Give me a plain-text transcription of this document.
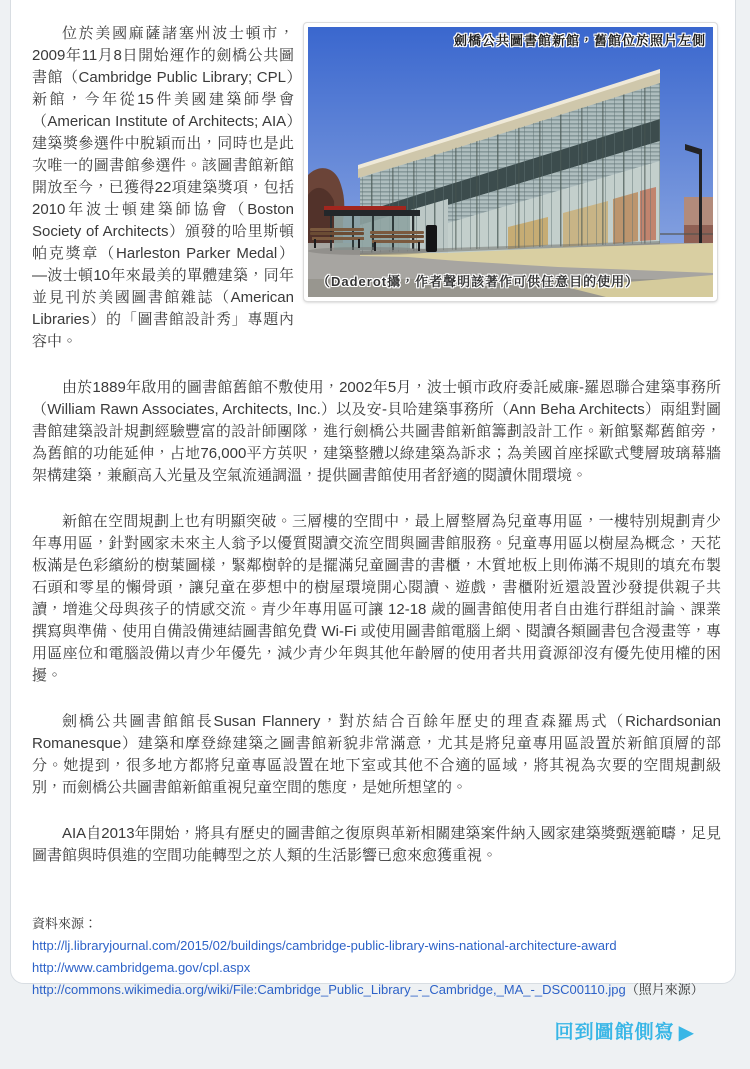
劍橋公共圖書館新館，舊館位於照片左側
（Daderot攝，作者聲明該著作可供任意目的使用）

位於美國麻薩諸塞州波士頓市，2009年11月8日開始運作的劍橋公共圖書館（Cambridge Public Library; CPL）新館，今年從15件美國建築師學會（American Institute of Architects; AIA）建築獎參選件中脫穎而出，同時也是此次唯一的圖書館參選件。該圖書館新館開放至今，已獲得22項建築獎項，包括2010年波士頓建築師協會（Boston Society of Architects）頒發的哈里斯頓帕克獎章（Harleston Parker Medal）—波士頓10年來最美的單體建築，同年並見刊於美國圖書館雜誌（American Libraries）的「圖書館設計秀」專題內容中。

由於1889年啟用的圖書館舊館不敷使用，2002年5月，波士頓市政府委託威廉-羅恩聯合建築事務所（William Rawn Associates, Architects, Inc.）以及安-貝哈建築事務所（Ann Beha Architects）兩組對圖書館建築設計規劃經驗豐富的設計師團隊，進行劍橋公共圖書館新館籌劃設計工作。新館緊鄰舊館旁，為舊館的功能延伸，占地76,000平方英呎，建築整體以綠建築為訴求；為美國首座採歐式雙層玻璃幕牆架構建築，兼顧高入光量及空氣流通調溫，提供圖書館使用者舒適的閱讀休閒環境。

新館在空間規劃上也有明顯突破。三層樓的空間中，最上層整層為兒童專用區，一樓特別規劃青少年專用區，針對國家未來主人翁予以優質閱讀交流空間與圖書館服務。兒童專用區以樹屋為概念，天花板滿是色彩繽紛的樹葉圖樣，緊鄰樹幹的是擺滿兒童圖書的書櫃，木質地板上則佈滿不規則的填充布製石頭和零星的懶骨頭，讓兒童在夢想中的樹屋環境開心閱讀、遊戲，書櫃附近還設置沙發提供親子共讀，增進父母與孩子的情感交流。青少年專用區可讓 12-18 歲的圖書館使用者自由進行群組討論、課業撰寫與準備、使用自備設備連結圖書館免費 Wi-Fi 或使用圖書館電腦上網、閱讀各類圖書包含漫畫等，專用區座位和電腦設備以青少年優先，減少青少年與其他年齡層的使用者共用資源卻沒有優先使用權的困擾。

劍橋公共圖書館館長Susan Flannery，對於結合百餘年歷史的理查森羅馬式（Richardsonian Romanesque）建築和摩登綠建築之圖書館新貌非常滿意，尤其是將兒童專用區設置於新館頂層的部分。她提到，很多地方都將兒童專區設置在地下室或其他不合適的區域，將其視為次要的空間規劃級別，而劍橋公共圖書館新館重視兒童空間的態度，是她所想望的。

AIA自2013年開始，將具有歷史的圖書館之復原與革新相關建築案件納入國家建築獎甄選範疇，足見圖書館與時俱進的空間功能轉型之於人類的生活影響已愈來愈獲重視。

資料來源：
http://lj.libraryjournal.com/2015/02/buildings/cambridge-public-library-wins-national-architecture-award
http://www.cambridgema.gov/cpl.aspx
http://commons.wikimedia.org/wiki/File:Cambridge_Public_Library_-_Cambridge,_MA_-_DSC00110.jpg（照片來源）
回到圖館側寫 ▶
